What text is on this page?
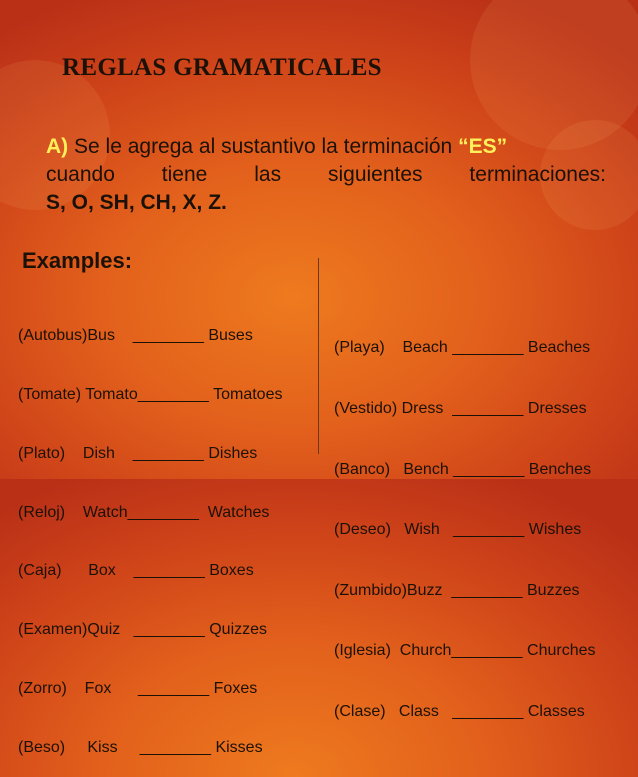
REGLAS GRAMATICALES
A) Se le agrega al sustantivo la terminación “ES”
cuando tiene las siguientes terminaciones:
S, O, SH, CH, X, Z.
Examples:

(Autobus)Bus    ________ Buses

(Tomate) Tomato________ Tomatoes

(Plato)    Dish    ________ Dishes

(Reloj)    Watch________  Watches

(Caja)      Box    ________ Boxes

(Examen)Quiz   ________ Quizzes

(Zorro)    Fox      ________ Foxes

(Beso)     Kiss     ________ Kisses

(Playa)    Beach ________ Beaches

(Vestido) Dress  ________ Dresses

(Banco)   Bench ________ Benches

(Deseo)   Wish   ________ Wishes

(Zumbido)Buzz  ________ Buzzes

(Iglesia)  Church________ Churches

(Clase)   Class   ________ Classes
